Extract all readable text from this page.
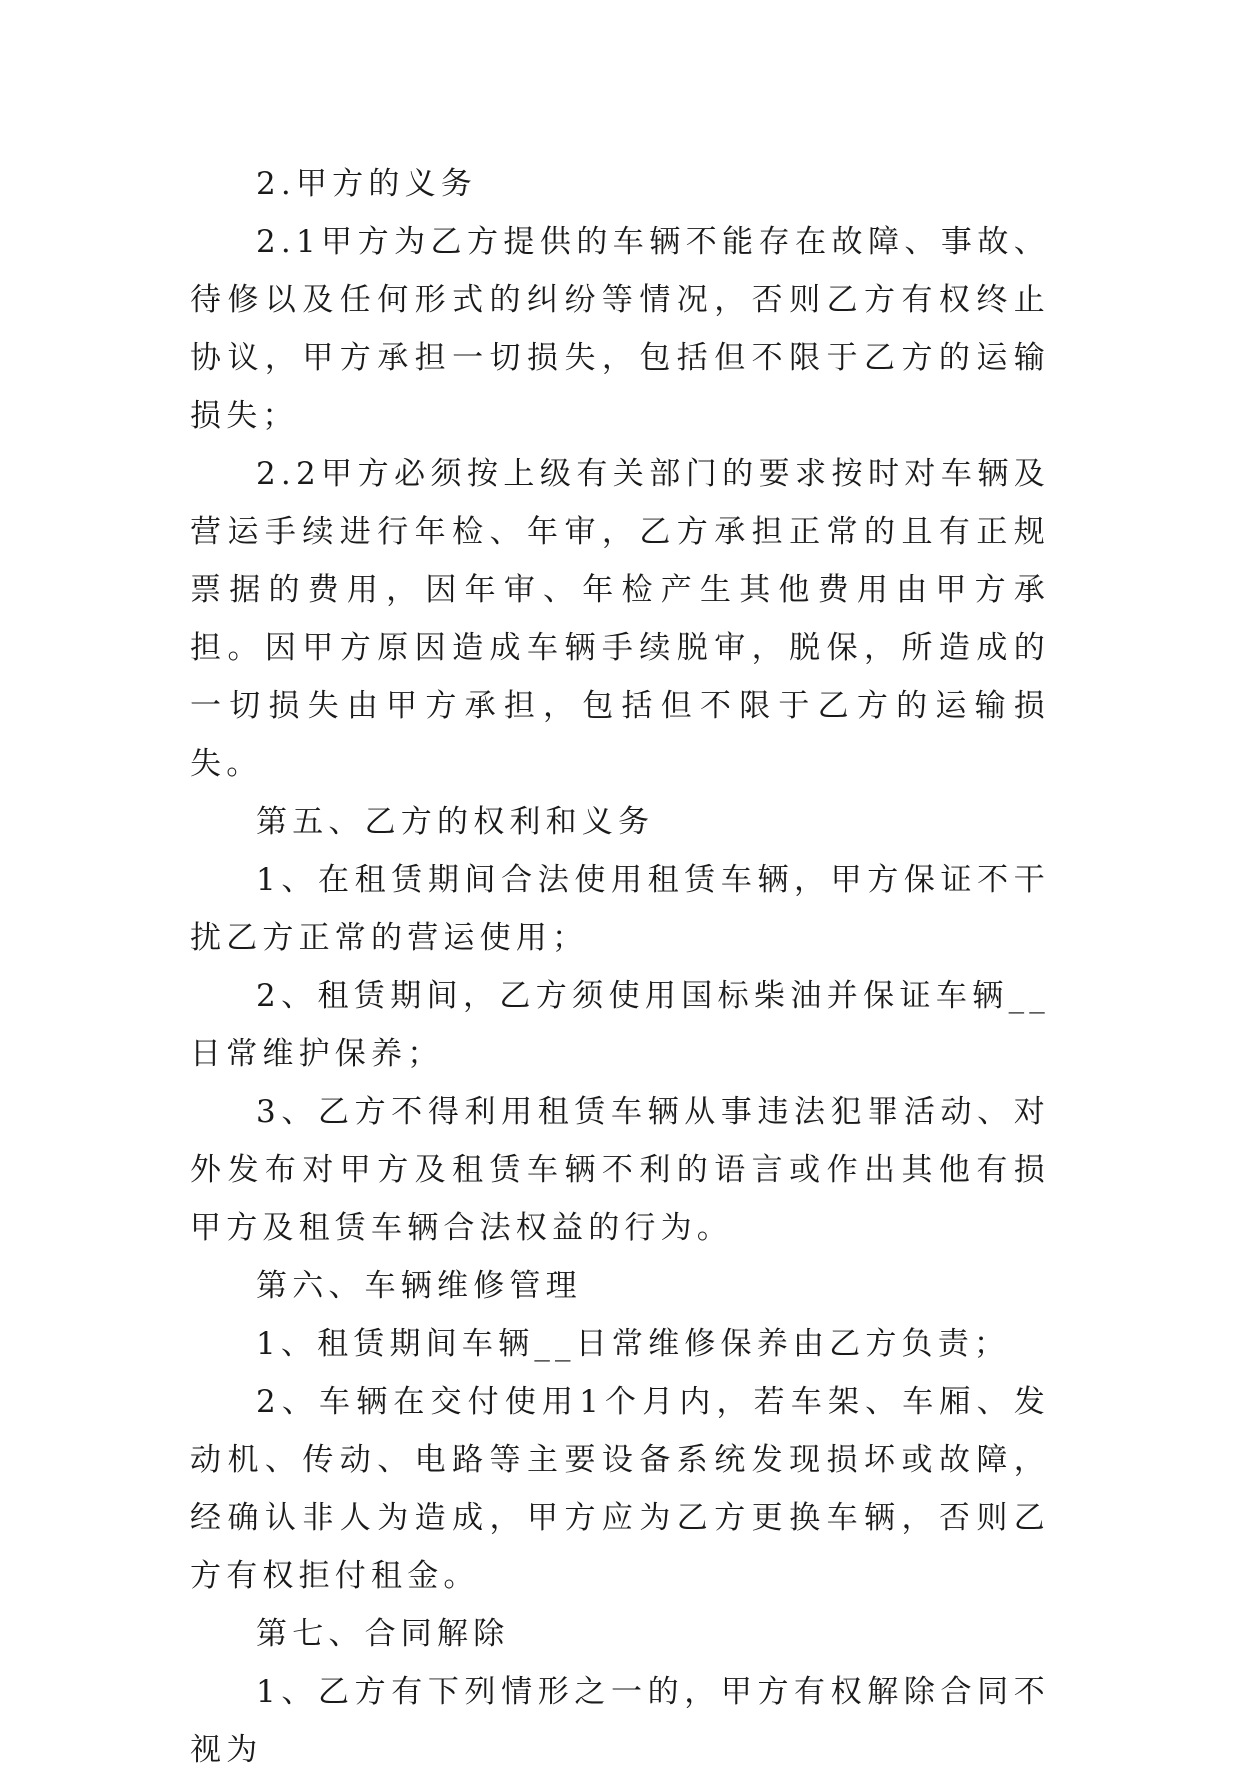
2.甲方的义务

2.1甲方为乙方提供的车辆不能存在故障、事故、待修以及任何形式的纠纷等情况，否则乙方有权终止协议，甲方承担一切损失，包括但不限于乙方的运输损失；

2.2甲方必须按上级有关部门的要求按时对车辆及营运手续进行年检、年审，乙方承担正常的且有正规票据的费用，因年审、年检产生其他费用由甲方承担。因甲方原因造成车辆手续脱审，脱保，所造成的一切损失由甲方承担，包括但不限于乙方的运输损失。

第五、乙方的权利和义务

1、在租赁期间合法使用租赁车辆，甲方保证不干扰乙方正常的营运使用；

2、租赁期间，乙方须使用国标柴油并保证车辆__日常维护保养；

3、乙方不得利用租赁车辆从事违法犯罪活动、对外发布对甲方及租赁车辆不利的语言或作出其他有损甲方及租赁车辆合法权益的行为。

第六、车辆维修管理

1、租赁期间车辆__日常维修保养由乙方负责；

2、车辆在交付使用1个月内，若车架、车厢、发动机、传动、电路等主要设备系统发现损坏或故障，经确认非人为造成，甲方应为乙方更换车辆，否则乙方有权拒付租金。

第七、合同解除

1、乙方有下列情形之一的，甲方有权解除合同不视为
